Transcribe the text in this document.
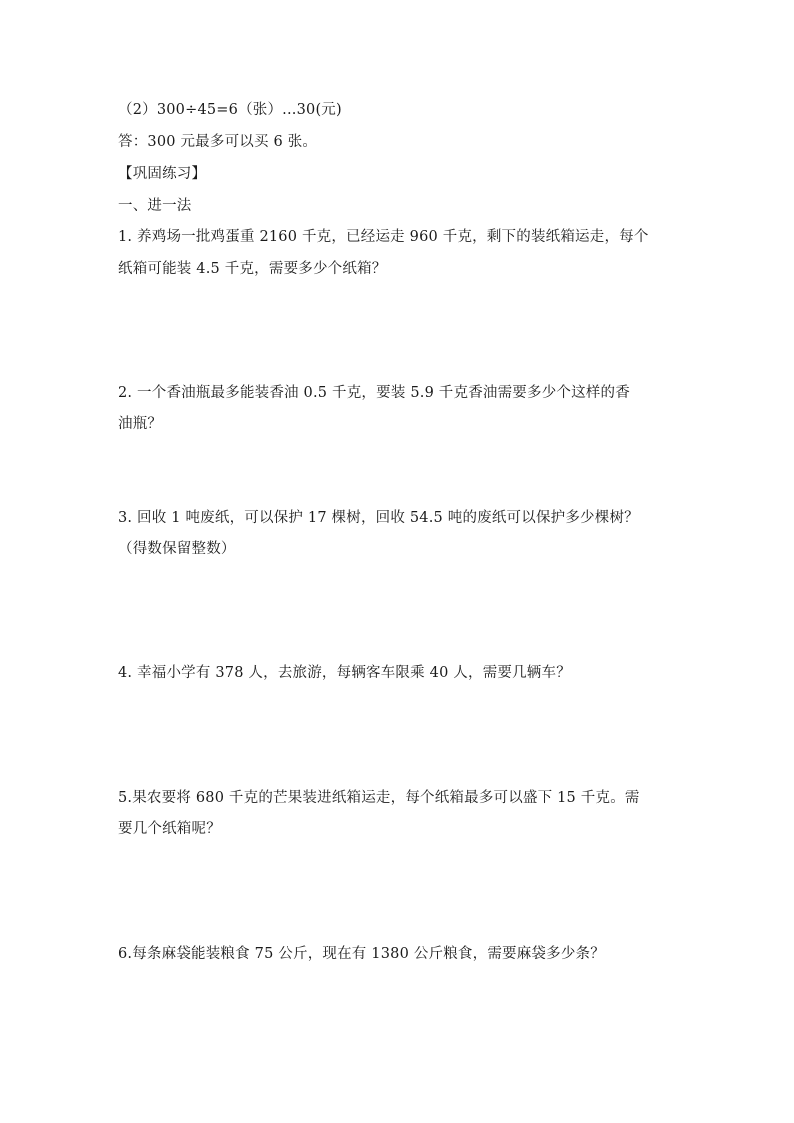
（2）300÷45=6（张）...30(元)
答：300 元最多可以买 6 张。
【巩固练习】
一、进一法
1. 养鸡场一批鸡蛋重 2160 千克，已经运走 960 千克，剩下的装纸箱运走，每个
纸箱可能装 4.5 千克，需要多少个纸箱？
2. 一个香油瓶最多能装香油 0.5 千克，要装 5.9 千克香油需要多少个这样的香
油瓶？
3. 回收 1 吨废纸，可以保护 17 棵树，回收 54.5 吨的废纸可以保护多少棵树？
（得数保留整数）
4. 幸福小学有 378 人，去旅游，每辆客车限乘 40 人，需要几辆车？
5.果农要将 680 千克的芒果装进纸箱运走，每个纸箱最多可以盛下 15 千克。需
要几个纸箱呢？
6.每条麻袋能装粮食 75 公斤，现在有 1380 公斤粮食，需要麻袋多少条？
